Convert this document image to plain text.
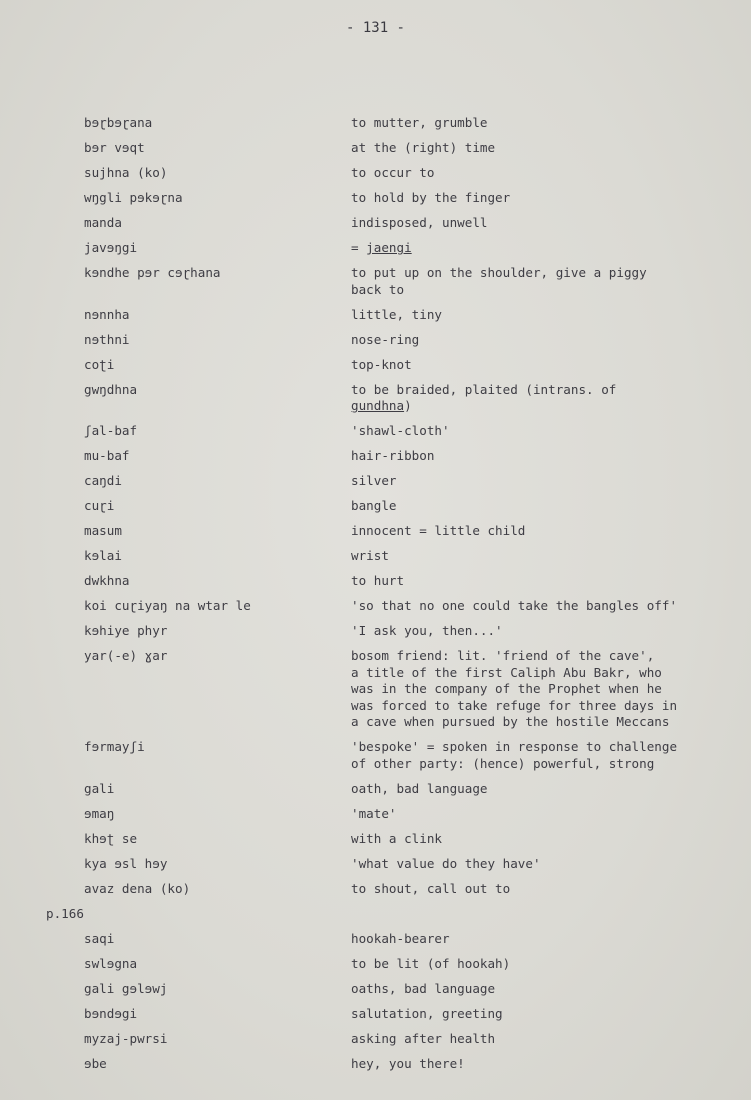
- 131 -
bɘɽbɘɽana	to mutter, grumble
bɘr vɘqt	at the (right) time
sujhna (ko)	to occur to
wŋgli pɘkɘɽna	to hold by the finger
manda	indisposed, unwell
javɘŋgi	= jaengi
kɘndhe pɘr cɘɽhana	to put up on the shoulder, give a piggy
back to
nɘnnha	little, tiny
nɘthni	nose-ring
coʈi	top-knot
gwŋdhna	to be braided, plaited (intrans. of
gundhna)
ʃal-baf	'shawl-cloth'
mu-baf	hair-ribbon
caŋdi	silver
cuɽi	bangle
masum	innocent = little child
kɘlai	wrist
dwkhna	to hurt
koi cuɽiyaŋ na wtar le	'so that no one could take the bangles off'
kɘhiye phyr	'I ask you, then...'
yar(-e) ɣar	bosom friend: lit. 'friend of the cave',
a title of the first Caliph Abu Bakr, who
was in the company of the Prophet when he
was forced to take refuge for three days in
a cave when pursued by the hostile Meccans
fɘrmayʃi	'bespoke' = spoken in response to challenge
of other party: (hence) powerful, strong
gali	oath, bad language
ɘmaŋ	'mate'
khɘʈ se	with a clink
kya ɘsl hɘy	'what value do they have'
avaz dena (ko)	to shout, call out to
p.166
saqi	hookah-bearer
swlɘgna	to be lit (of hookah)
gali gɘlɘwj	oaths, bad language
bɘndɘgi	salutation, greeting
myzaj-pwrsi	asking after health
ɘbe	hey, you there!
